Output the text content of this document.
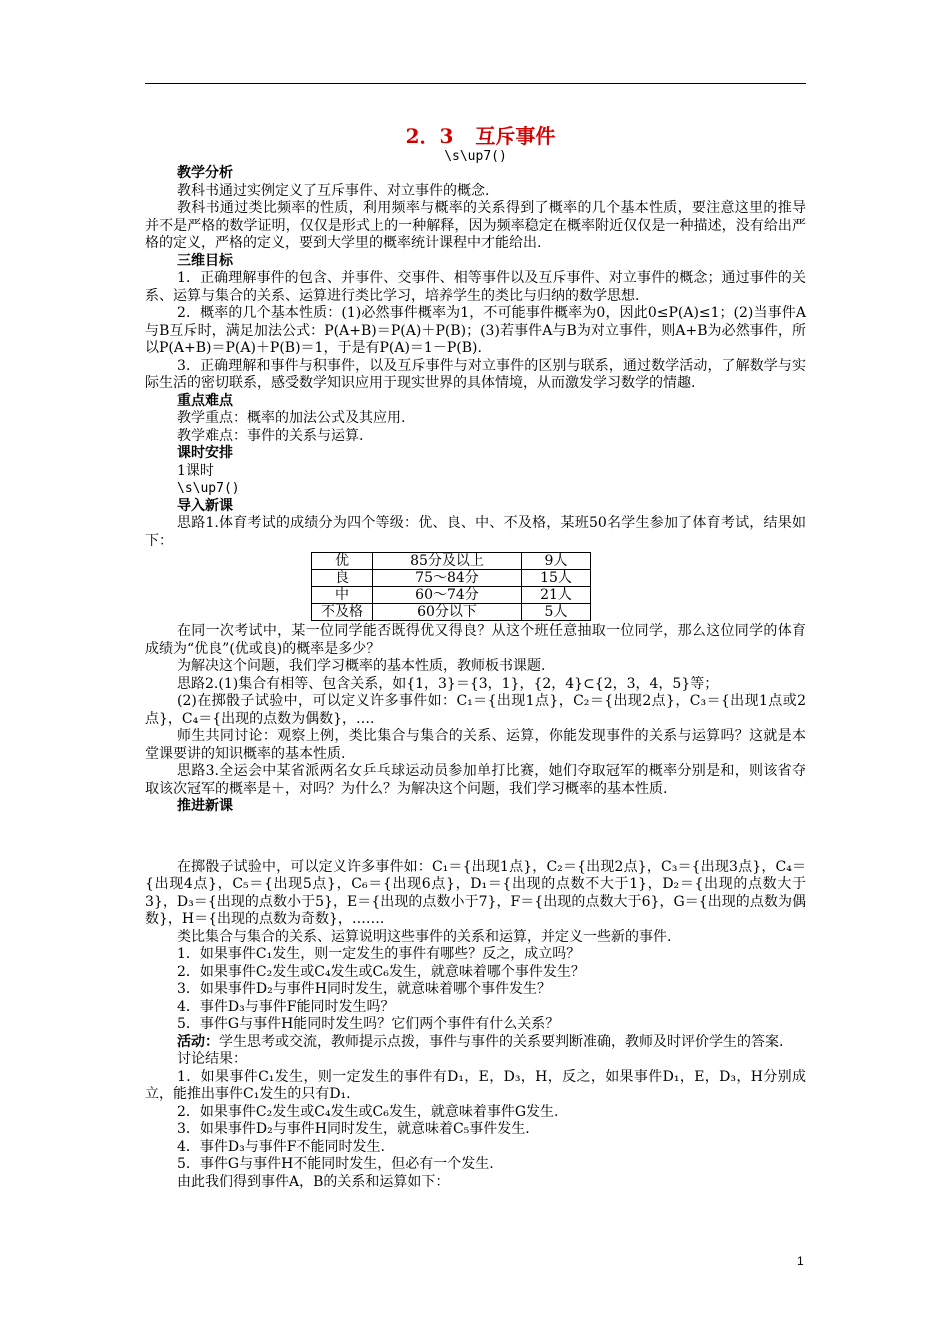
2．3 互斥事件
\s\up7()
教学分析
教科书通过实例定义了互斥事件、对立事件的概念.
教科书通过类比频率的性质，利用频率与概率的关系得到了概率的几个基本性质，要注意这里的推导并不是严格的数学证明，仅仅是形式上的一种解释，因为频率稳定在概率附近仅仅是一种描述，没有给出严格的定义，严格的定义，要到大学里的概率统计课程中才能给出.
三维目标
1．正确理解事件的包含、并事件、交事件、相等事件以及互斥事件、对立事件的概念；通过事件的关系、运算与集合的关系、运算进行类比学习，培养学生的类比与归纳的数学思想.
2．概率的几个基本性质：(1)必然事件概率为1，不可能事件概率为0，因此0≤P(A)≤1；(2)当事件A与B互斥时，满足加法公式：P(A+B)＝P(A)＋P(B)；(3)若事件A与B为对立事件，则A+B为必然事件，所以P(A+B)＝P(A)＋P(B)＝1，于是有P(A)＝1－P(B).
3．正确理解和事件与积事件，以及互斥事件与对立事件的区别与联系，通过数学活动，了解数学与实际生活的密切联系，感受数学知识应用于现实世界的具体情境，从而激发学习数学的情趣.
重点难点
教学重点：概率的加法公式及其应用.
教学难点：事件的关系与运算.
课时安排
1课时
\s\up7()
导入新课
思路1.体育考试的成绩分为四个等级：优、良、中、不及格，某班50名学生参加了体育考试，结果如下：
优	85分及以上	9人
良	75～84分	15人
中	60～74分	21人
不及格	60分以下	5人
在同一次考试中，某一位同学能否既得优又得良？从这个班任意抽取一位同学，那么这位同学的体育成绩为“优良”(优或良)的概率是多少？
为解决这个问题，我们学习概率的基本性质，教师板书课题.
思路2.(1)集合有相等、包含关系，如{1，3}＝{3，1}，{2，4}⊂{2，3，4，5}等；
(2)在掷骰子试验中，可以定义许多事件如：C₁＝{出现1点}，C₂＝{出现2点}，C₃＝{出现1点或2点}，C₄＝{出现的点数为偶数}，….
师生共同讨论：观察上例，类比集合与集合的关系、运算，你能发现事件的关系与运算吗？这就是本堂课要讲的知识概率的基本性质.
思路3.全运会中某省派两名女乒乓球运动员参加单打比赛，她们夺取冠军的概率分别是和，则该省夺取该次冠军的概率是＋，对吗？为什么？为解决这个问题，我们学习概率的基本性质.
推进新课
在掷骰子试验中，可以定义许多事件如：C₁＝{出现1点}，C₂＝{出现2点}，C₃＝{出现3点}，C₄＝{出现4点}，C₅＝{出现5点}，C₆＝{出现6点}，D₁＝{出现的点数不大于1}，D₂＝{出现的点数大于3}，D₃＝{出现的点数小于5}，E＝{出现的点数小于7}，F＝{出现的点数大于6}，G＝{出现的点数为偶数}，H＝{出现的点数为奇数}，…….
类比集合与集合的关系、运算说明这些事件的关系和运算，并定义一些新的事件.
1．如果事件C₁发生，则一定发生的事件有哪些？反之，成立吗？
2．如果事件C₂发生或C₄发生或C₆发生，就意味着哪个事件发生？
3．如果事件D₂与事件H同时发生，就意味着哪个事件发生？
4．事件D₃与事件F能同时发生吗？
5．事件G与事件H能同时发生吗？它们两个事件有什么关系？
活动：学生思考或交流，教师提示点拨，事件与事件的关系要判断准确，教师及时评价学生的答案.
讨论结果：
1．如果事件C₁发生，则一定发生的事件有D₁，E，D₃，H，反之，如果事件D₁，E，D₃，H分别成立，能推出事件C₁发生的只有D₁.
2．如果事件C₂发生或C₄发生或C₆发生，就意味着事件G发生.
3．如果事件D₂与事件H同时发生，就意味着C₅事件发生.
4．事件D₃与事件F不能同时发生.
5．事件G与事件H不能同时发生，但必有一个发生.
由此我们得到事件A，B的关系和运算如下：
1
